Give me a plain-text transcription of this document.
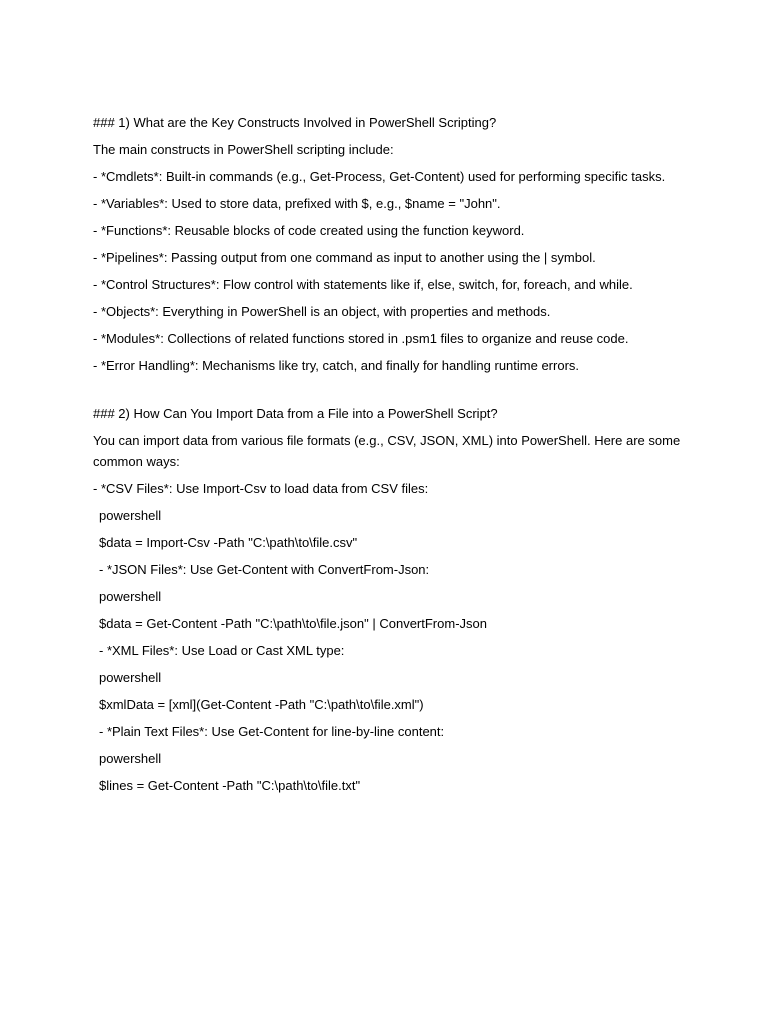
### 1) What are the Key Constructs Involved in PowerShell Scripting?

The main constructs in PowerShell scripting include:

- *Cmdlets*: Built-in commands (e.g., Get-Process, Get-Content) used for performing specific tasks.

- *Variables*: Used to store data, prefixed with $, e.g., $name = "John".

- *Functions*: Reusable blocks of code created using the function keyword.

- *Pipelines*: Passing output from one command as input to another using the | symbol.

- *Control Structures*: Flow control with statements like if, else, switch, for, foreach, and while.

- *Objects*: Everything in PowerShell is an object, with properties and methods.

- *Modules*: Collections of related functions stored in .psm1 files to organize and reuse code.

- *Error Handling*: Mechanisms like try, catch, and finally for handling runtime errors.

### 2) How Can You Import Data from a File into a PowerShell Script?

You can import data from various file formats (e.g., CSV, JSON, XML) into PowerShell. Here are some common ways:

- *CSV Files*: Use Import-Csv to load data from CSV files:

powershell

$data = Import-Csv -Path "C:\path\to\file.csv"

- *JSON Files*: Use Get-Content with ConvertFrom-Json:

powershell

$data = Get-Content -Path "C:\path\to\file.json" | ConvertFrom-Json

- *XML Files*: Use Load or Cast XML type:

powershell

$xmlData = [xml](Get-Content -Path "C:\path\to\file.xml")

- *Plain Text Files*: Use Get-Content for line-by-line content:

powershell

$lines = Get-Content -Path "C:\path\to\file.txt"
